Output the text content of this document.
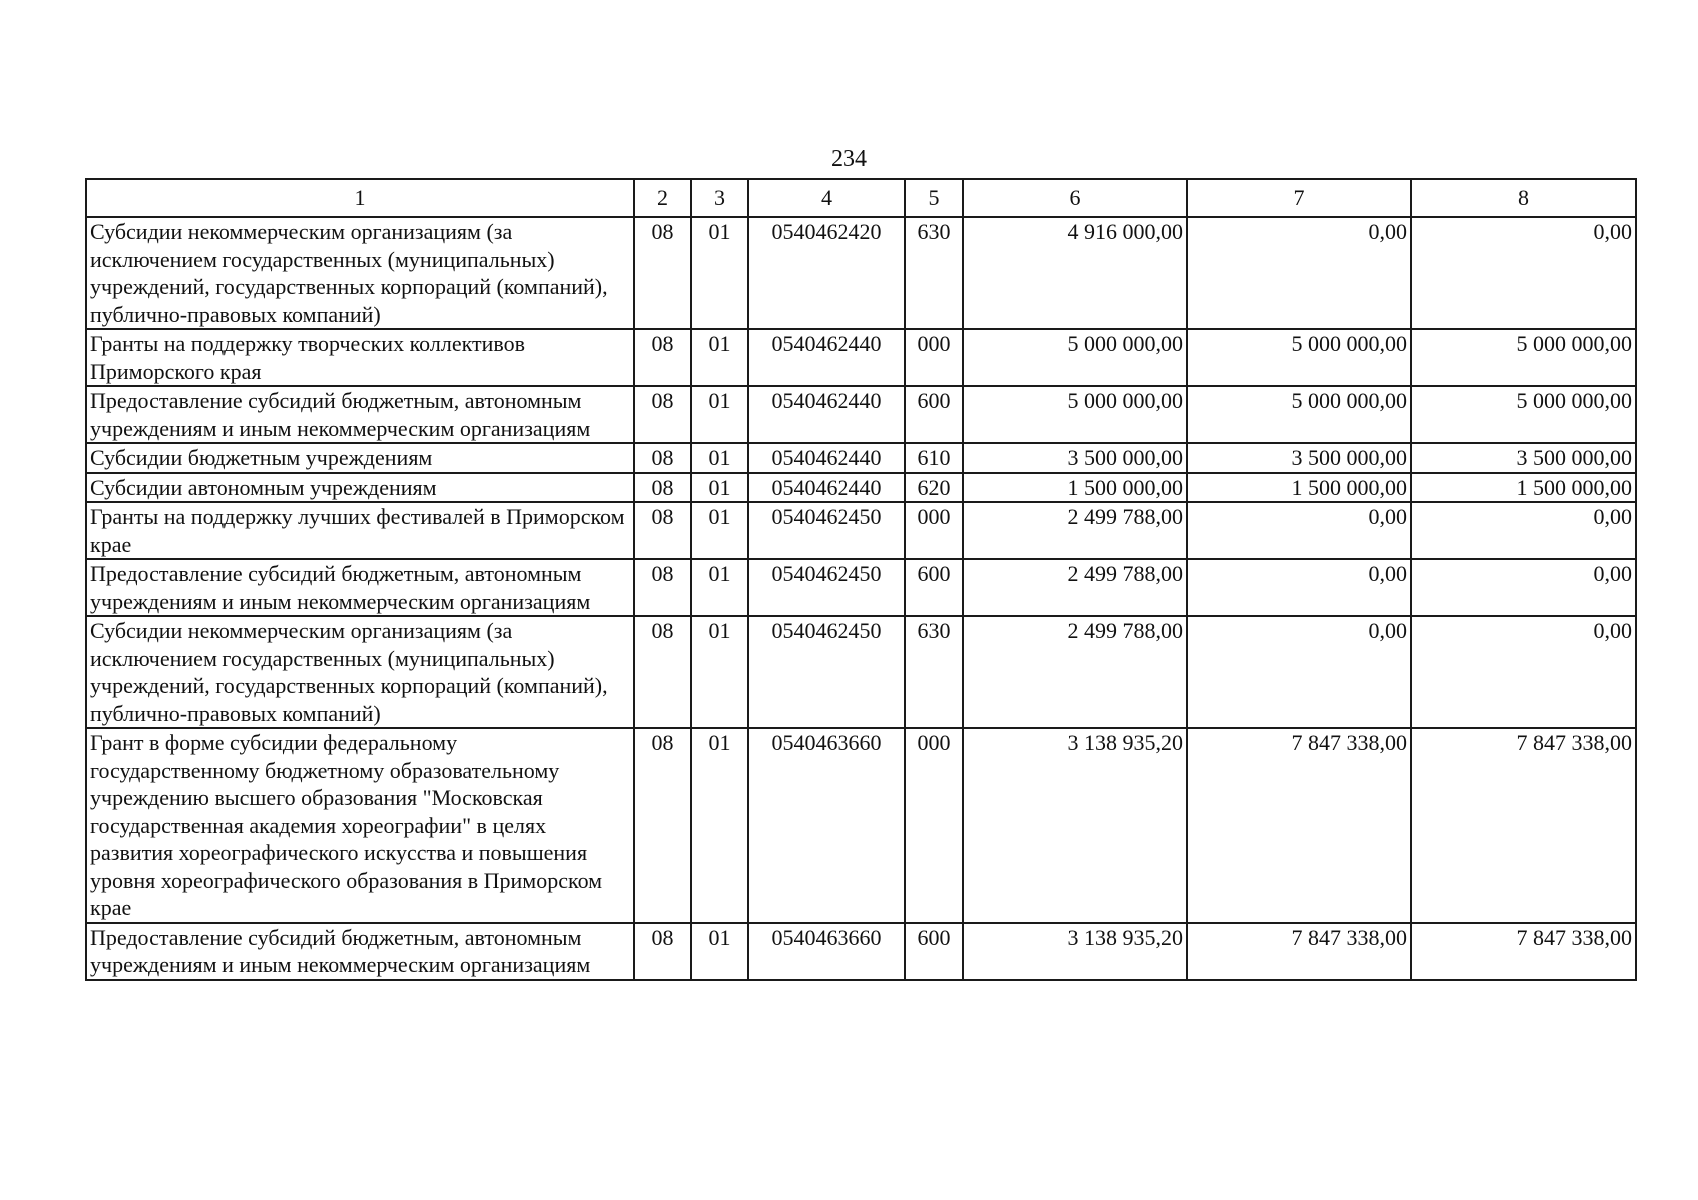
234
1	2	3	4	5	6	7	8
Субсидии некоммерческим организациям (за исключением государственных (муниципальных) учреждений, государственных корпораций (компаний), публично-правовых компаний)	08	01	0540462420	630	4 916 000,00	0,00	0,00
Гранты на поддержку творческих коллективов Приморского края	08	01	0540462440	000	5 000 000,00	5 000 000,00	5 000 000,00
Предоставление субсидий бюджетным, автономным учреждениям и иным некоммерческим организациям	08	01	0540462440	600	5 000 000,00	5 000 000,00	5 000 000,00
Субсидии бюджетным учреждениям	08	01	0540462440	610	3 500 000,00	3 500 000,00	3 500 000,00
Субсидии автономным учреждениям	08	01	0540462440	620	1 500 000,00	1 500 000,00	1 500 000,00
Гранты на поддержку лучших фестивалей в Приморском крае	08	01	0540462450	000	2 499 788,00	0,00	0,00
Предоставление субсидий бюджетным, автономным учреждениям и иным некоммерческим организациям	08	01	0540462450	600	2 499 788,00	0,00	0,00
Субсидии некоммерческим организациям (за исключением государственных (муниципальных) учреждений, государственных корпораций (компаний), публично-правовых компаний)	08	01	0540462450	630	2 499 788,00	0,00	0,00
Грант в форме субсидии федеральному государственному бюджетному образовательному учреждению высшего образования "Московская государственная академия хореографии" в целях развития хореографического искусства и повышения уровня хореографического образования в Приморском крае	08	01	0540463660	000	3 138 935,20	7 847 338,00	7 847 338,00
Предоставление субсидий бюджетным, автономным учреждениям и иным некоммерческим организациям	08	01	0540463660	600	3 138 935,20	7 847 338,00	7 847 338,00
